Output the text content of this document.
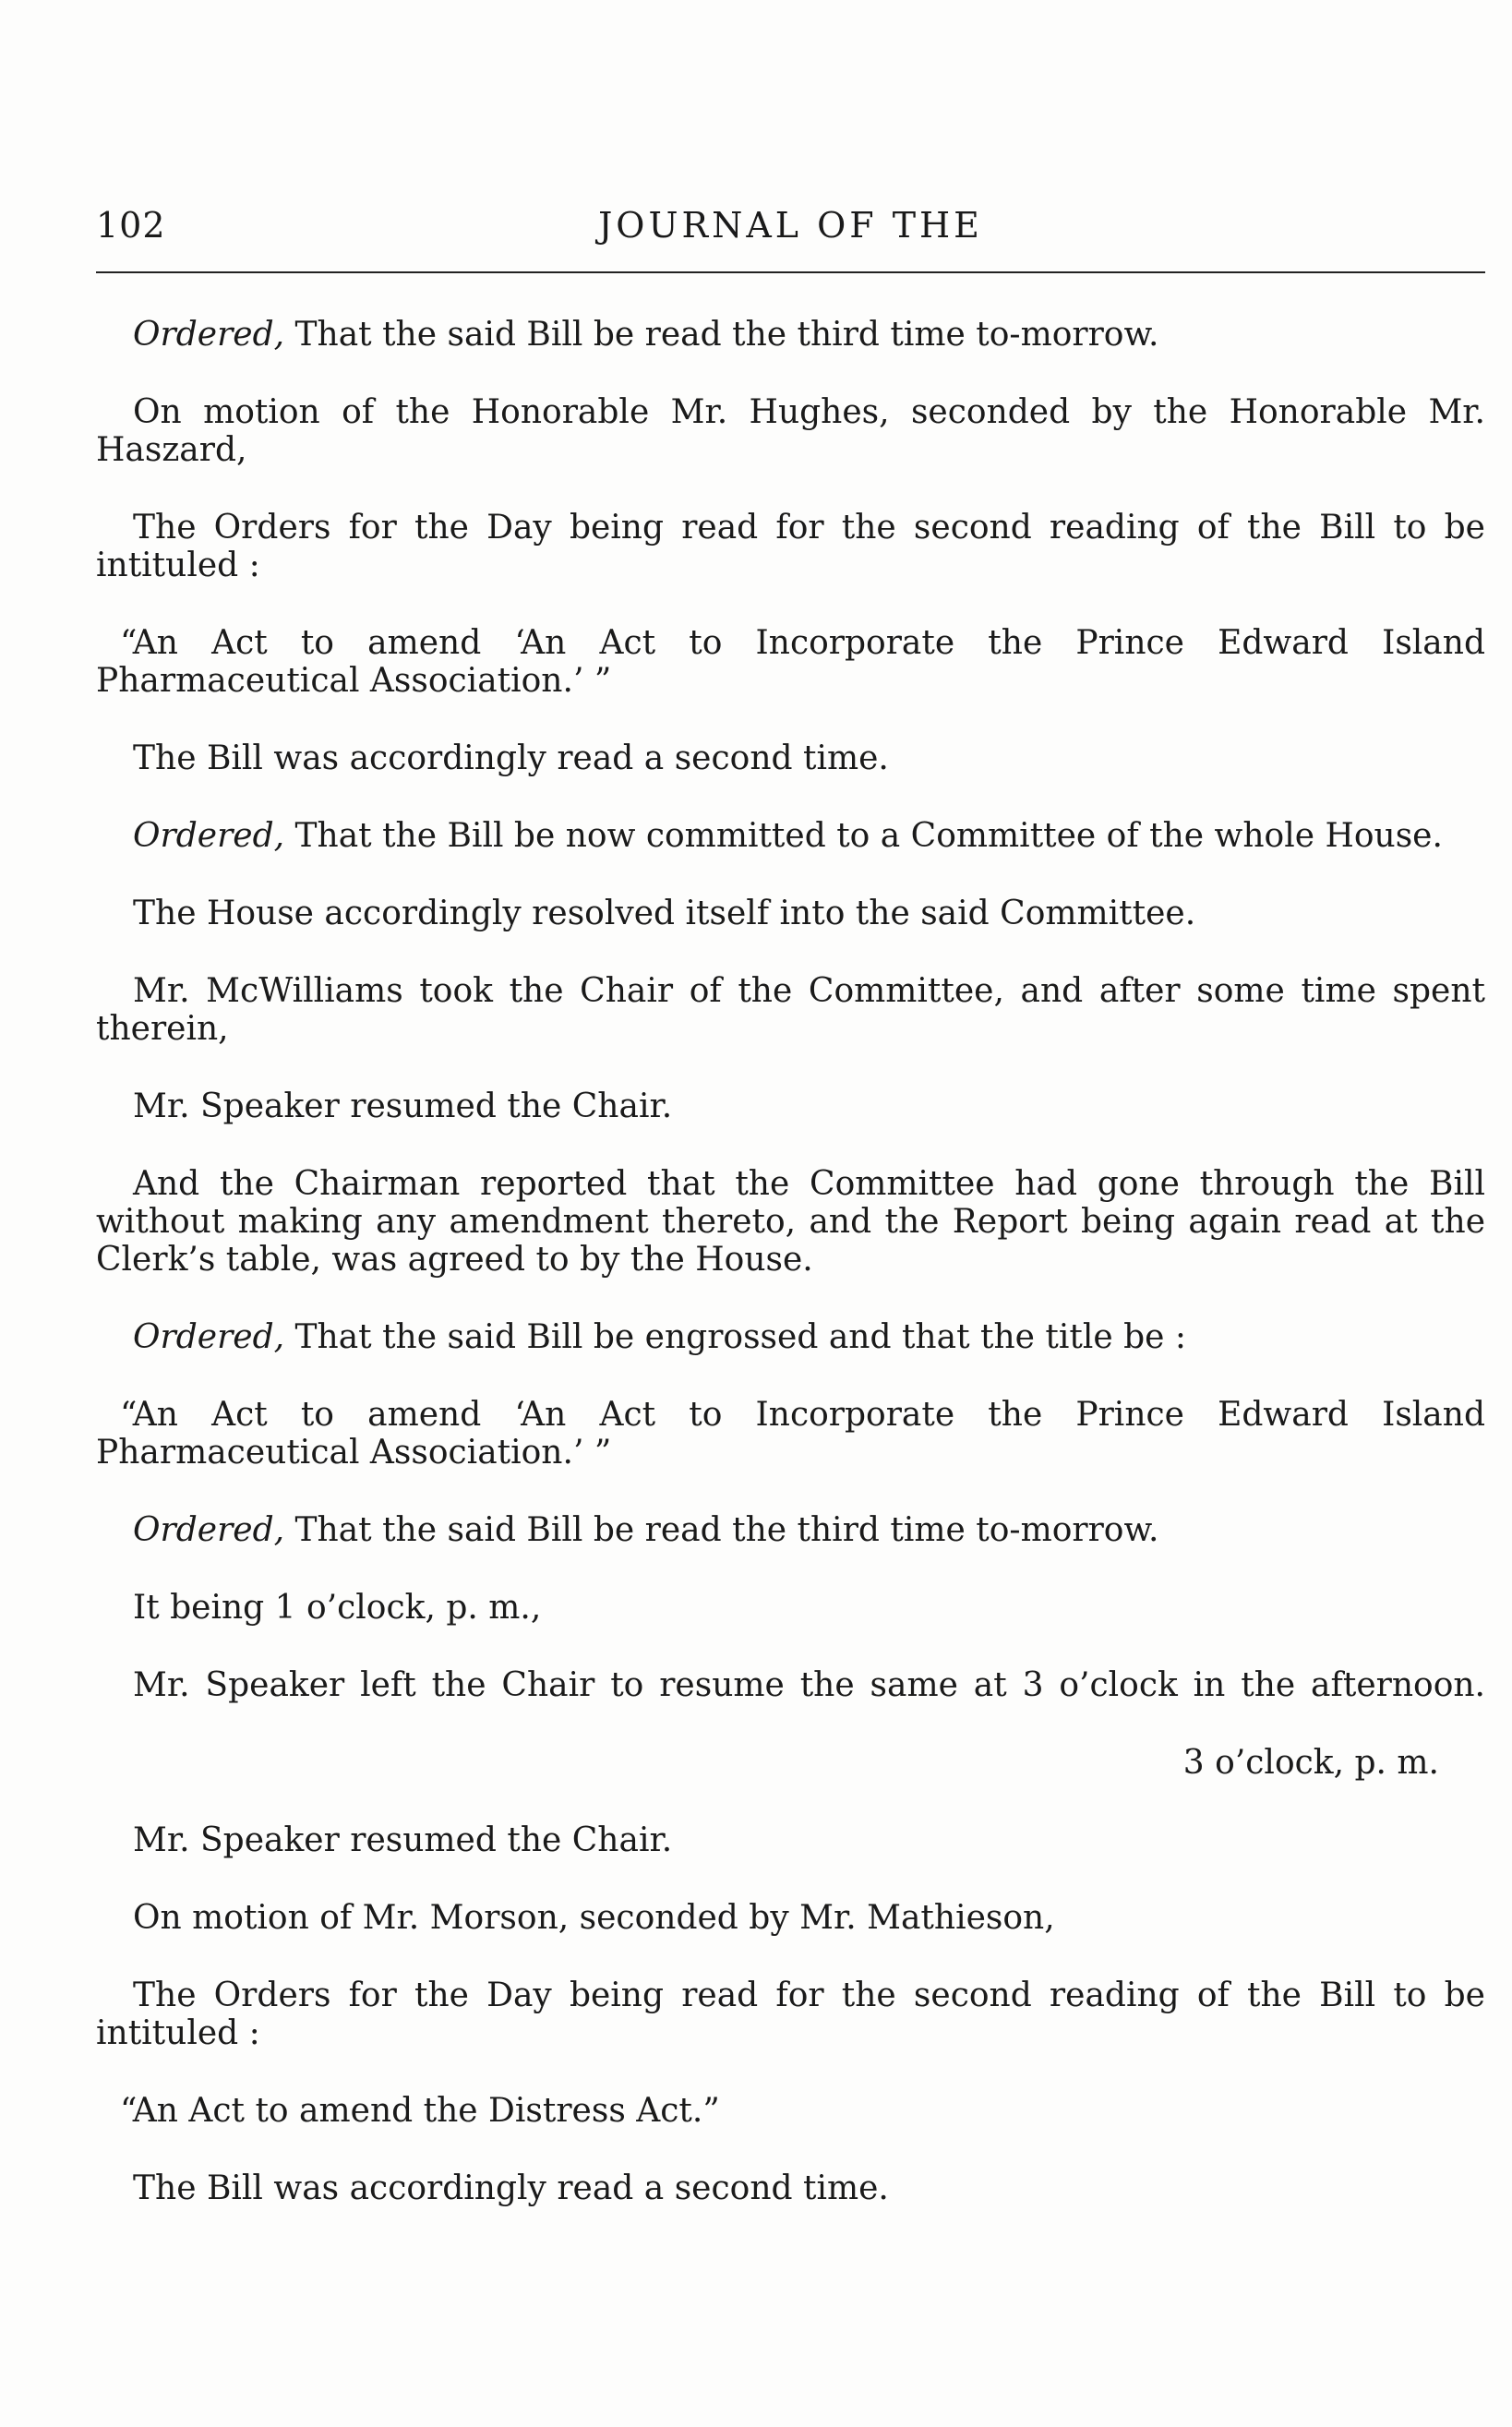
102	JOURNAL OF THE

Ordered, That the said Bill be read the third time to-morrow.

On motion of the Honorable Mr. Hughes, seconded by the Honorable Mr. Haszard,

The Orders for the Day being read for the second reading of the Bill to be intituled :

“An Act to amend ‘An Act to Incorporate the Prince Edward Island Pharmaceutical Association.’ ”

The Bill was accordingly read a second time.

Ordered, That the Bill be now committed to a Committee of the whole House.

The House accordingly resolved itself into the said Committee.

Mr. McWilliams took the Chair of the Committee, and after some time spent therein,

Mr. Speaker resumed the Chair.

And the Chairman reported that the Committee had gone through the Bill without making any amendment thereto, and the Report being again read at the Clerk’s table, was agreed to by the House.

Ordered, That the said Bill be engrossed and that the title be :

“An Act to amend ‘An Act to Incorporate the Prince Edward Island Pharmaceutical Association.’ ”

Ordered, That the said Bill be read the third time to-morrow.

It being 1 o’clock, p. m.,

Mr. Speaker left the Chair to resume the same at 3 o’clock in the afternoon.

3 o’clock, p. m.

Mr. Speaker resumed the Chair.

On motion of Mr. Morson, seconded by Mr. Mathieson,

The Orders for the Day being read for the second reading of the Bill to be intituled :

“An Act to amend the Distress Act.”

The Bill was accordingly read a second time.
